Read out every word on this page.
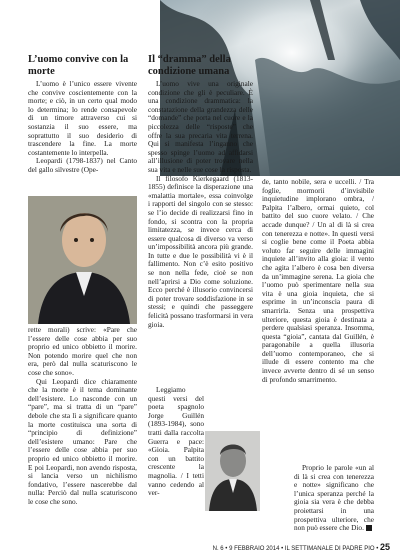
L’uomo convive con la morte

L’uomo è l’unico essere vivente che convive coscientemente con la morte; e ciò, in un certo qual modo lo determina; lo rende consapevole di un timore attraverso cui si sostanzia il suo essere, ma soprattutto il suo desiderio di trascendere la fine. La morte costantemente lo interpella.

Leopardi (1798-1837) nel Canto del gallo silvestre (Ope-

rette morali) scrive: «Pare che l’essere delle cose abbia per suo proprio ed unico obbietto il morire. Non potendo morire quel che non era, però dal nulla scaturiscono le cose che sono».

Qui Leopardi dice chiaramente che la morte è il tema dominante dell’esistere. Lo nasconde con un “pare”, ma si tratta di un “pare” debole che sta lì a significare quanto la morte costituisca una sorta di “principio di definizione” dell’esistere umano: Pare che l’essere delle cose abbia per suo proprio ed unico obbietto il morire. E poi Leopardi, non avendo risposta, si lancia verso un nichilismo fondativo, l’essere nascerebbe dal nulla: Perciò dal nulla scaturiscono le cose che sono.

Il “dramma” della condizione umana

L’uomo vive una originale condizione che gli è peculiare. È una condizione drammatica: la constatazione della grandezza delle “domande” che porta nel cuore e la piccolezza delle “risposte” che offre la sua precaria vita terrena. Qui si manifesta l’inganno che spesso spinge l’uomo ad affidarsi all’illusione di poter trovare nella sua vita e nelle sue cose la risposta.

Il filosofo Kierkegaard (1813-1855) definisce la disperazione una «malattia mortale», essa coinvolge i rapporti del singolo con se stesso: se l’io decide di realizzarsi fino in fondo, si scontra con la propria limitatezza, se invece cerca di essere qualcosa di diverso va verso un’impossibilità ancora più grande. In tutte e due le possibilità vi è il fallimento. Non c’è esito positivo se non nella fede, cioè se non nell’aprirsi a Dio come soluzione. Ecco perché è illusorio convincersi di poter trovare soddisfazione in se stessi; e quindi che passeggere felicità possano trasformarsi in vera gioia.

Leggiamo questi versi del poeta spagnolo Jorge Guillén (1893-1984), sono tratti dalla raccolta Guerra e pace: «Gioia. Palpita con un battito crescente la magnolia. / I tetti vanno cedendo al ver-

de, tanto nobile, sera e uccelli. / Tra foglie, mormorii d’invisibile inquietudine implorano ombra, / Palpita l’albero, ormai quieto, col battito del suo cuore velato. / Che accade dunque? / Un al di là si crea con tenerezza e notte». In questi versi si coglie bene come il Poeta abbia voluto far seguire delle immagini inquiete all’invito alla gioia: il vento che agita l’albero è cosa ben diversa da un’immagine serena. La gioia che l’uomo può sperimentare nella sua vita è una gioia inquieta, che si esprime in un’inconscia paura di smarrirla. Senza una prospettiva ulteriore, questa gioia è destinata a perdere qualsiasi speranza. Insomma, questa “gioia”, cantata dal Guillén, è paragonabile a quella illusoria dell’uomo contemporaneo, che si illude di essere contento ma che invece avverte dentro di sé un senso di profondo smarrimento.

Proprio le parole «un al di là si crea con tenerezza e notte» significano che l’unica speranza perché la gioia sia vera è che debba proiettarsi in una prospettiva ulteriore, che non può essere che Dio.

N. 6 • 9 FEBBRAIO 2014 • IL SETTIMANALE DI PADRE PIO • 25
